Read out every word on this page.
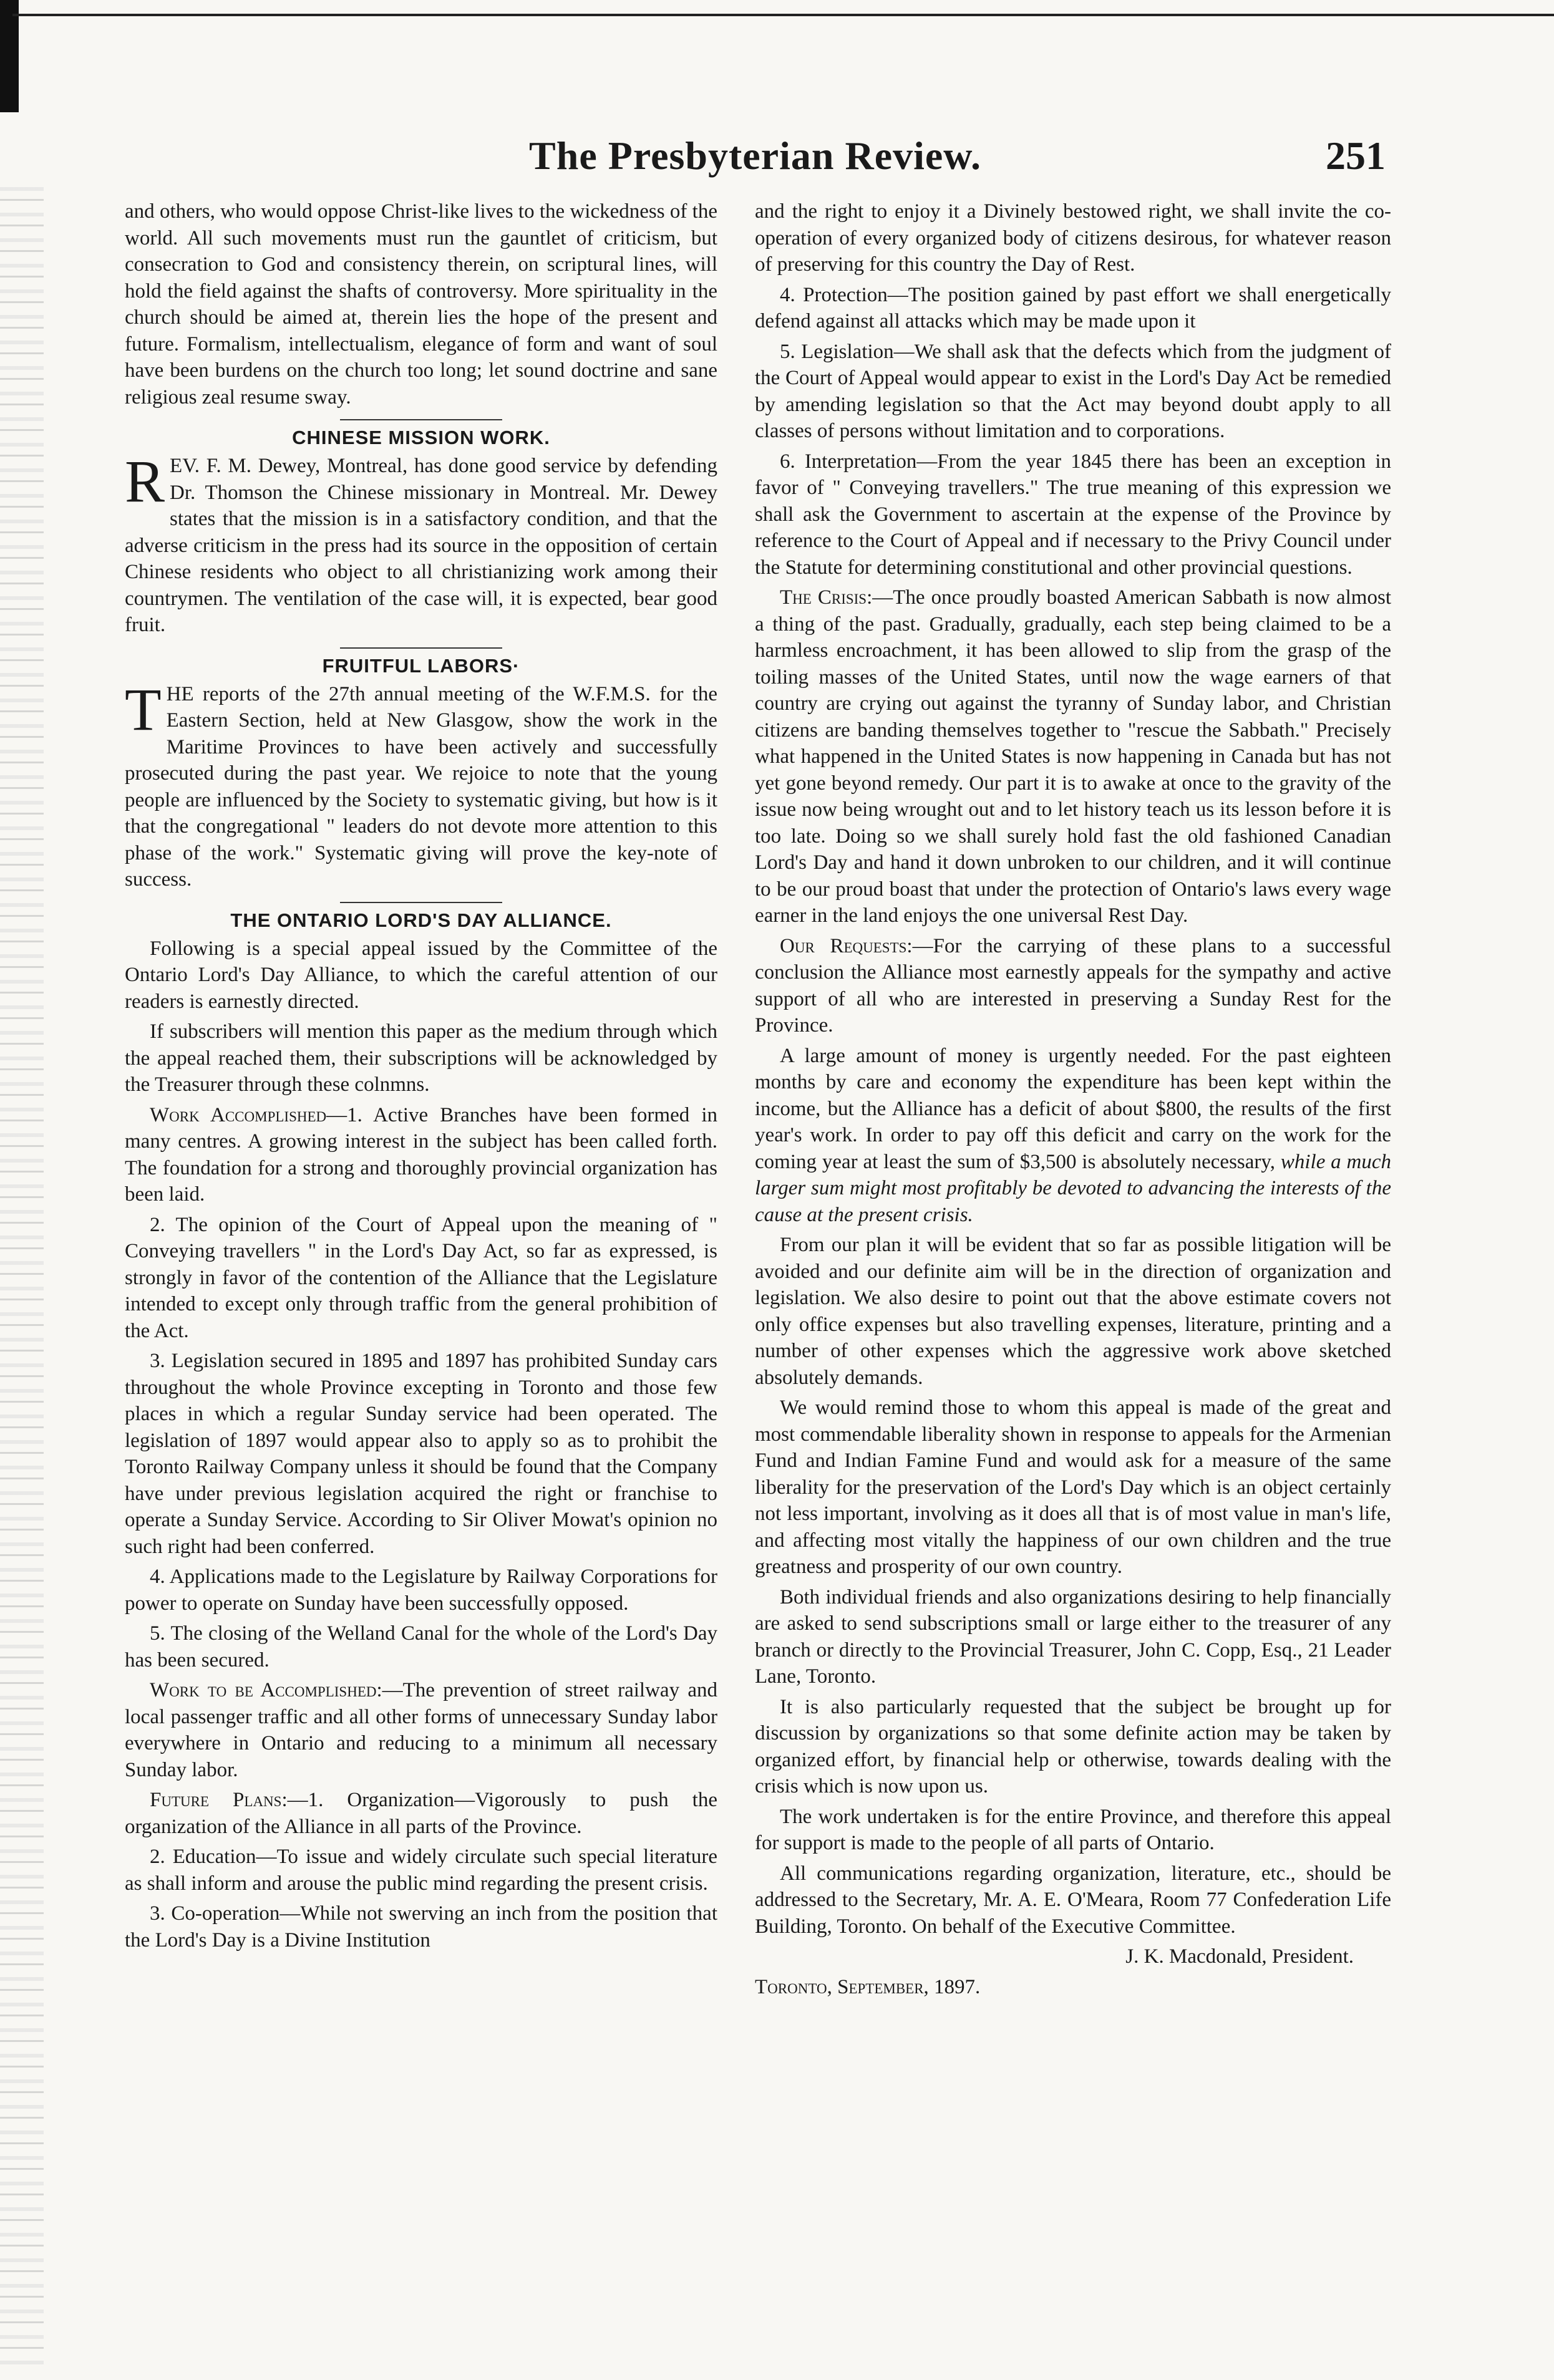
The Presbyterian Review.	251

and others, who would oppose Christ-like lives to the wickedness of the world. All such movements must run the gauntlet of criticism, but consecration to God and consistency therein, on scriptural lines, will hold the field against the shafts of controversy. More spirituality in the church should be aimed at, therein lies the hope of the present and future. Formalism, intellectualism, elegance of form and want of soul have been burdens on the church too long; let sound doctrine and sane religious zeal resume sway.

CHINESE MISSION WORK.

REV. F. M. Dewey, Montreal, has done good service by defending Dr. Thomson the Chinese missionary in Montreal. Mr. Dewey states that the mission is in a satisfactory condition, and that the adverse criticism in the press had its source in the opposition of certain Chinese residents who object to all christianizing work among their countrymen. The ventilation of the case will, it is expected, bear good fruit.

FRUITFUL LABORS·

THE reports of the 27th annual meeting of the W.F.M.S. for the Eastern Section, held at New Glasgow, show the work in the Maritime Provinces to have been actively and successfully prosecuted during the past year. We rejoice to note that the young people are influenced by the Society to systematic giving, but how is it that the congregational " leaders do not devote more attention to this phase of the work." Systematic giving will prove the key-note of success.

THE ONTARIO LORD'S DAY ALLIANCE.

Following is a special appeal issued by the Committee of the Ontario Lord's Day Alliance, to which the careful attention of our readers is earnestly directed.

If subscribers will mention this paper as the medium through which the appeal reached them, their subscriptions will be acknowledged by the Treasurer through these colnmns.

Work Accomplished—1. Active Branches have been formed in many centres. A growing interest in the subject has been called forth. The foundation for a strong and thoroughly provincial organization has been laid.

2. The opinion of the Court of Appeal upon the meaning of " Conveying travellers " in the Lord's Day Act, so far as expressed, is strongly in favor of the contention of the Alliance that the Legislature intended to except only through traffic from the general prohibition of the Act.

3. Legislation secured in 1895 and 1897 has prohibited Sunday cars throughout the whole Province excepting in Toronto and those few places in which a regular Sunday service had been operated. The legislation of 1897 would appear also to apply so as to prohibit the Toronto Railway Company unless it should be found that the Company have under previous legislation acquired the right or franchise to operate a Sunday Service. According to Sir Oliver Mowat's opinion no such right had been conferred.

4. Applications made to the Legislature by Railway Corporations for power to operate on Sunday have been successfully opposed.

5. The closing of the Welland Canal for the whole of the Lord's Day has been secured.

Work to be Accomplished:—The prevention of street railway and local passenger traffic and all other forms of unnecessary Sunday labor everywhere in Ontario and reducing to a minimum all necessary Sunday labor.

Future Plans:—1. Organization—Vigorously to push the organization of the Alliance in all parts of the Province.

2. Education—To issue and widely circulate such special literature as shall inform and arouse the public mind regarding the present crisis.

3. Co-operation—While not swerving an inch from the position that the Lord's Day is a Divine Institution

and the right to enjoy it a Divinely bestowed right, we shall invite the co-operation of every organized body of citizens desirous, for whatever reason of preserving for this country the Day of Rest.

4. Protection—The position gained by past effort we shall energetically defend against all attacks which may be made upon it

5. Legislation—We shall ask that the defects which from the judgment of the Court of Appeal would appear to exist in the Lord's Day Act be remedied by amending legislation so that the Act may beyond doubt apply to all classes of persons without limitation and to corporations.

6. Interpretation—From the year 1845 there has been an exception in favor of " Conveying travellers." The true meaning of this expression we shall ask the Government to ascertain at the expense of the Province by reference to the Court of Appeal and if necessary to the Privy Council under the Statute for determining constitutional and other provincial questions.

The Crisis:—The once proudly boasted American Sabbath is now almost a thing of the past. Gradually, gradually, each step being claimed to be a harmless encroachment, it has been allowed to slip from the grasp of the toiling masses of the United States, until now the wage earners of that country are crying out against the tyranny of Sunday labor, and Christian citizens are banding themselves together to "rescue the Sabbath." Precisely what happened in the United States is now happening in Canada but has not yet gone beyond remedy. Our part it is to awake at once to the gravity of the issue now being wrought out and to let history teach us its lesson before it is too late. Doing so we shall surely hold fast the old fashioned Canadian Lord's Day and hand it down unbroken to our children, and it will continue to be our proud boast that under the protection of Ontario's laws every wage earner in the land enjoys the one universal Rest Day.

Our Requests:—For the carrying of these plans to a successful conclusion the Alliance most earnestly appeals for the sympathy and active support of all who are interested in preserving a Sunday Rest for the Province.

A large amount of money is urgently needed. For the past eighteen months by care and economy the expenditure has been kept within the income, but the Alliance has a deficit of about $800, the results of the first year's work. In order to pay off this deficit and carry on the work for the coming year at least the sum of $3,500 is absolutely necessary, while a much larger sum might most profitably be devoted to advancing the interests of the cause at the present crisis.

From our plan it will be evident that so far as possible litigation will be avoided and our definite aim will be in the direction of organization and legislation. We also desire to point out that the above estimate covers not only office expenses but also travelling expenses, literature, printing and a number of other expenses which the aggressive work above sketched absolutely demands.

We would remind those to whom this appeal is made of the great and most commendable liberality shown in response to appeals for the Armenian Fund and Indian Famine Fund and would ask for a measure of the same liberality for the preservation of the Lord's Day which is an object certainly not less important, involving as it does all that is of most value in man's life, and affecting most vitally the happiness of our own children and the true greatness and prosperity of our own country.

Both individual friends and also organizations desiring to help financially are asked to send subscriptions small or large either to the treasurer of any branch or directly to the Provincial Treasurer, John C. Copp, Esq., 21 Leader Lane, Toronto.

It is also particularly requested that the subject be brought up for discussion by organizations so that some definite action may be taken by organized effort, by financial help or otherwise, towards dealing with the crisis which is now upon us.

The work undertaken is for the entire Province, and therefore this appeal for support is made to the people of all parts of Ontario.

All communications regarding organization, literature, etc., should be addressed to the Secretary, Mr. A. E. O'Meara, Room 77 Confederation Life Building, Toronto. On behalf of the Executive Committee.

J. K. Macdonald, President.

Toronto, September, 1897.
